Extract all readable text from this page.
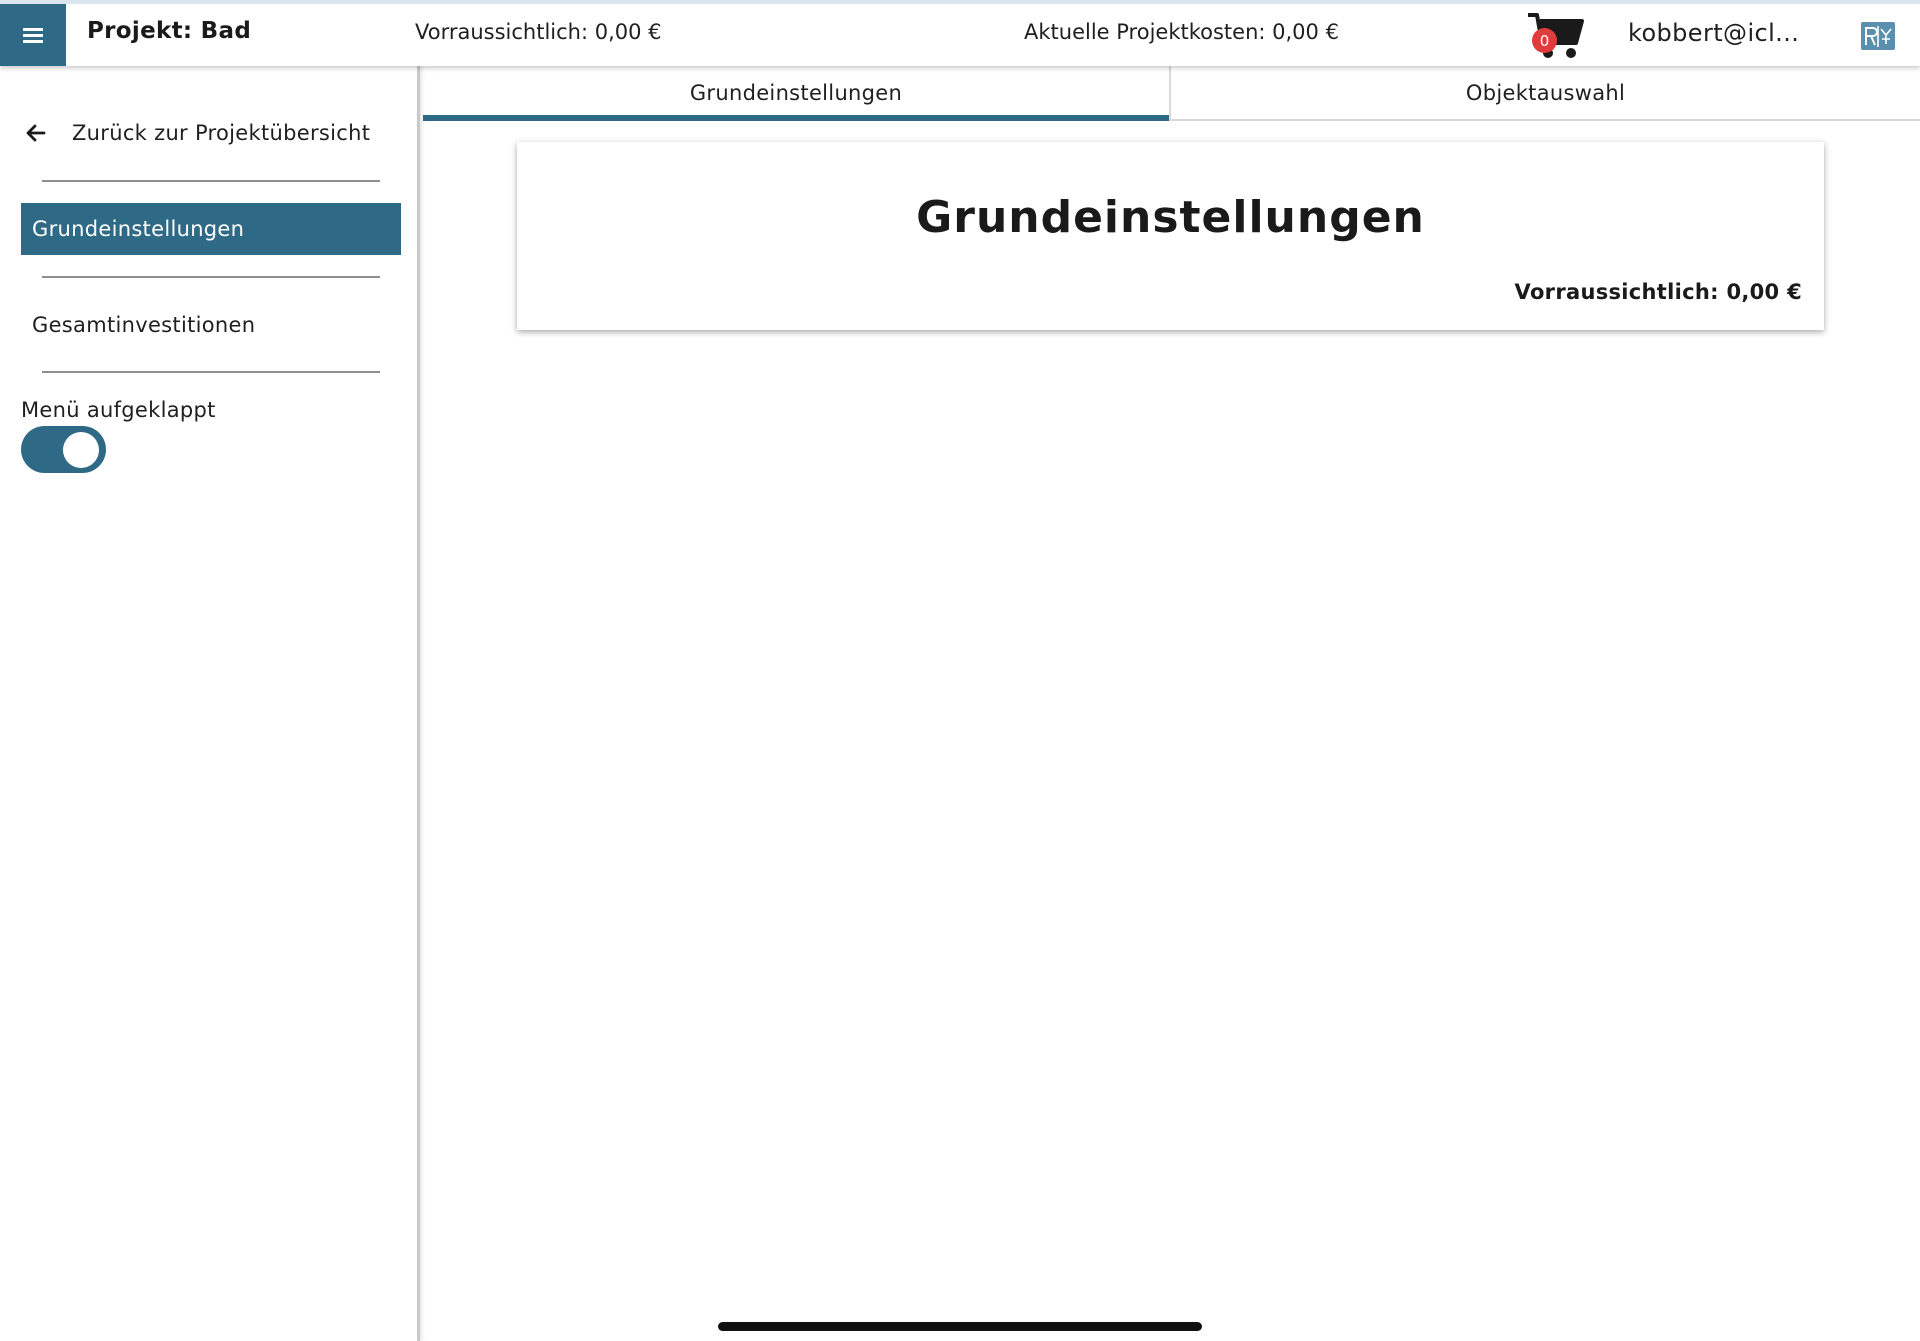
Projekt: Bad	Vorraussichtlich: 0,00 €	Aktuelle Projektkosten: 0,00 €	0	kobbert@icl...
Zurück zur Projektübersicht
Grundeinstellungen
Gesamtinvestitionen
Menü aufgeklappt
Grundeinstellungen	Objektauswahl
Grundeinstellungen
Vorraussichtlich: 0,00 €
